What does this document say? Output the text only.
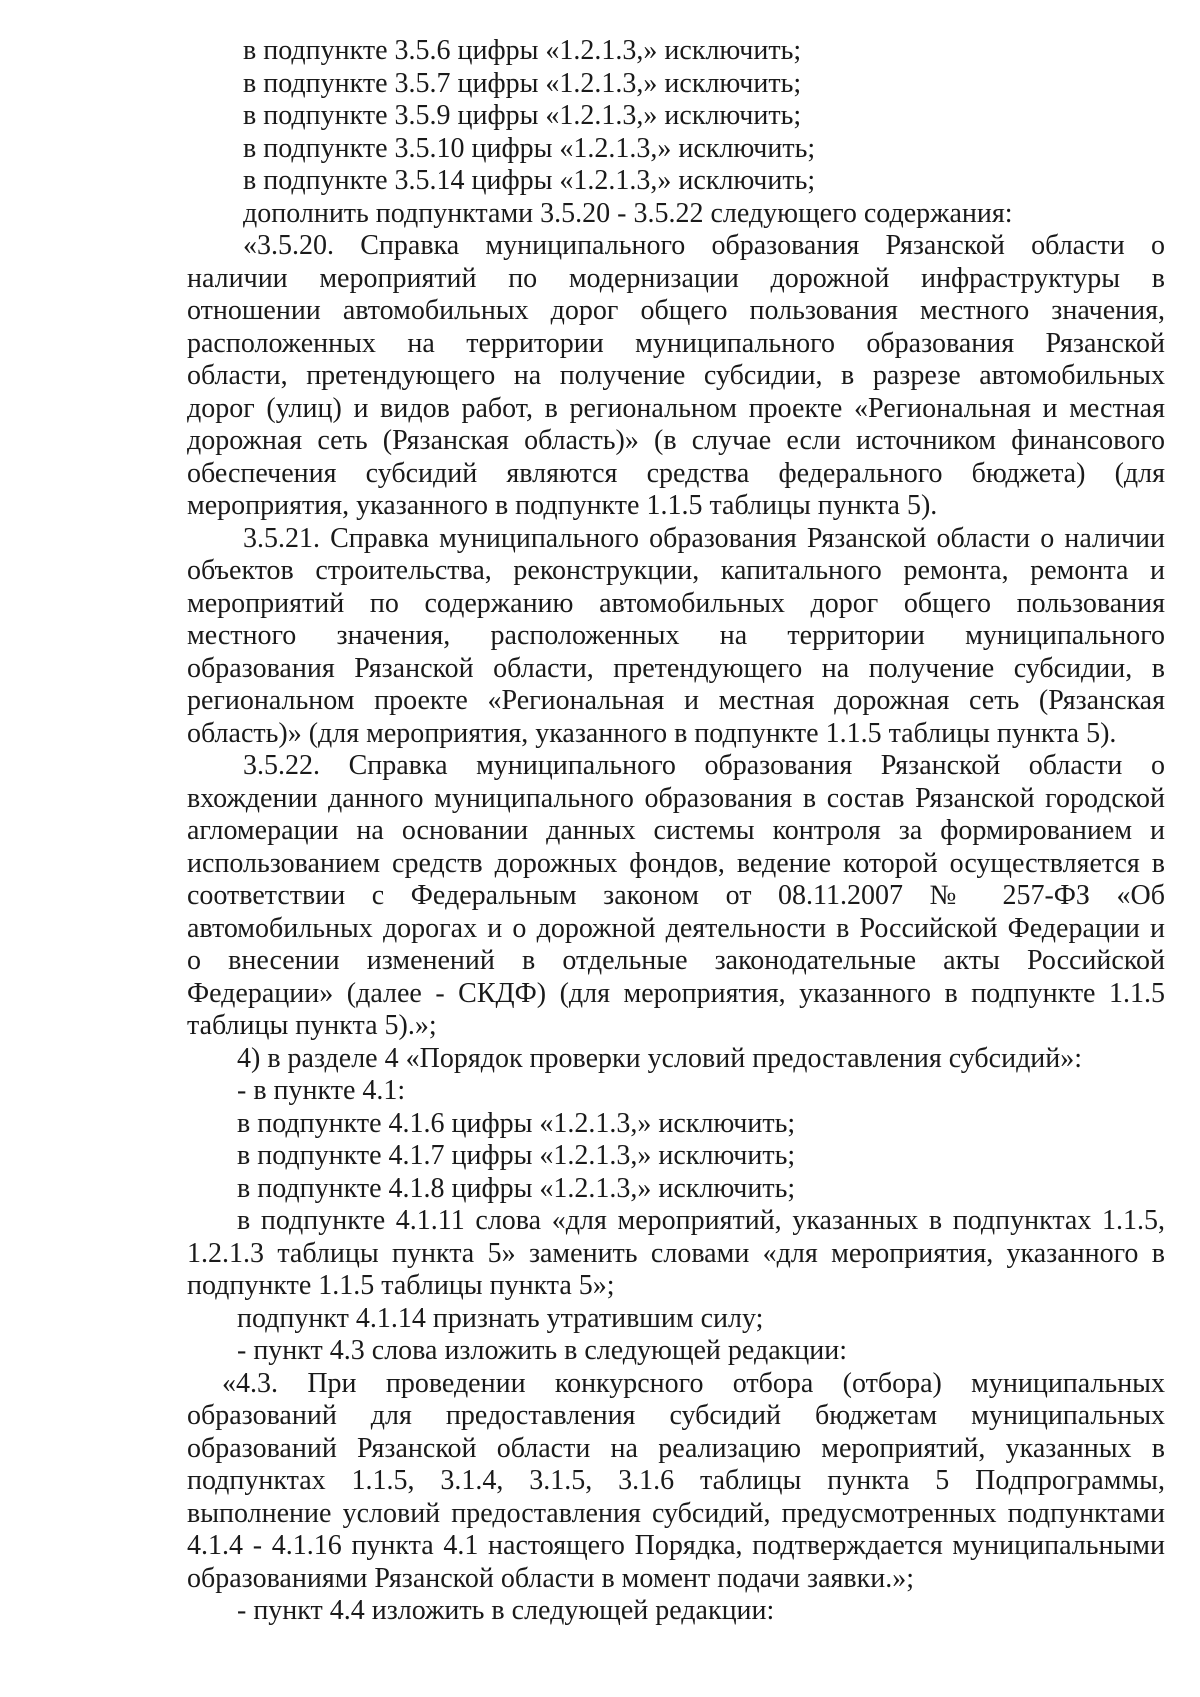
в подпункте 3.5.6 цифры «1.2.1.3,» исключить;
в подпункте 3.5.7 цифры «1.2.1.3,» исключить;
в подпункте 3.5.9 цифры «1.2.1.3,» исключить;
в подпункте 3.5.10 цифры «1.2.1.3,» исключить;
в подпункте 3.5.14 цифры «1.2.1.3,» исключить;
дополнить подпунктами 3.5.20 - 3.5.22 следующего содержания:
«3.5.20. Справка муниципального образования Рязанской области о
наличии мероприятий по модернизации дорожной инфраструктуры в
отношении автомобильных дорог общего пользования местного значения,
расположенных на территории муниципального образования Рязанской
области, претендующего на получение субсидии, в разрезе автомобильных
дорог (улиц) и видов работ, в региональном проекте «Региональная и местная
дорожная сеть (Рязанская область)» (в случае если источником финансового
обеспечения субсидий являются средства федерального бюджета) (для
мероприятия, указанного в подпункте 1.1.5 таблицы пункта 5).
3.5.21. Справка муниципального образования Рязанской области о наличии
объектов строительства, реконструкции, капитального ремонта, ремонта и
мероприятий по содержанию автомобильных дорог общего пользования
местного значения, расположенных на территории муниципального
образования Рязанской области, претендующего на получение субсидии, в
региональном проекте «Региональная и местная дорожная сеть (Рязанская
область)» (для мероприятия, указанного в подпункте 1.1.5 таблицы пункта 5).
3.5.22. Справка муниципального образования Рязанской области о
вхождении данного муниципального образования в состав Рязанской городской
агломерации на основании данных системы контроля за формированием и
использованием средств дорожных фондов, ведение которой осуществляется в
соответствии с Федеральным законом от 08.11.2007 № 257-ФЗ «Об
автомобильных дорогах и о дорожной деятельности в Российской Федерации и
о внесении изменений в отдельные законодательные акты Российской
Федерации» (далее - СКДФ) (для мероприятия, указанного в подпункте 1.1.5
таблицы пункта 5).»;
4) в разделе 4 «Порядок проверки условий предоставления субсидий»:
- в пункте 4.1:
в подпункте 4.1.6 цифры «1.2.1.3,» исключить;
в подпункте 4.1.7 цифры «1.2.1.3,» исключить;
в подпункте 4.1.8 цифры «1.2.1.3,» исключить;
в подпункте 4.1.11 слова «для мероприятий, указанных в подпунктах 1.1.5,
1.2.1.3 таблицы пункта 5» заменить словами «для мероприятия, указанного в
подпункте 1.1.5 таблицы пункта 5»;
подпункт 4.1.14 признать утратившим силу;
- пункт 4.3 слова изложить в следующей редакции:
«4.3. При проведении конкурсного отбора (отбора) муниципальных
образований для предоставления субсидий бюджетам муниципальных
образований Рязанской области на реализацию мероприятий, указанных в
подпунктах 1.1.5, 3.1.4, 3.1.5, 3.1.6 таблицы пункта 5 Подпрограммы,
выполнение условий предоставления субсидий, предусмотренных подпунктами
4.1.4 - 4.1.16 пункта 4.1 настоящего Порядка, подтверждается муниципальными
образованиями Рязанской области в момент подачи заявки.»;
- пункт 4.4 изложить в следующей редакции:
